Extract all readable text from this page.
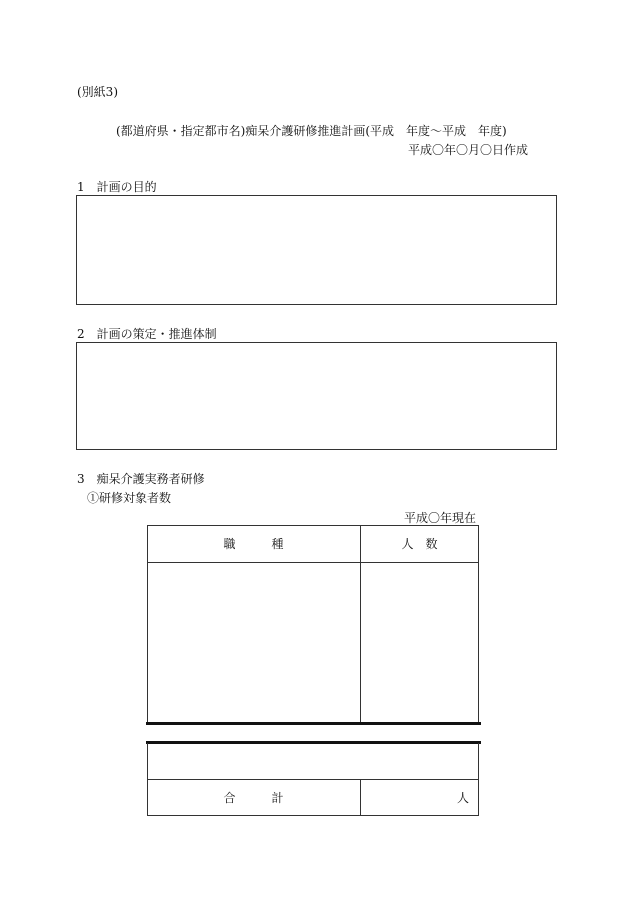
(別紙3)
(都道府県・指定都市名)痴呆介護研修推進計画(平成　年度～平成　年度)
平成〇年〇月〇日作成
1　 計画の目的
2　 計画の策定・推進体制
3　 痴呆介護実務者研修
①研修対象者数
平成〇年現在
職　　　種	人　数
合　　　計	人
